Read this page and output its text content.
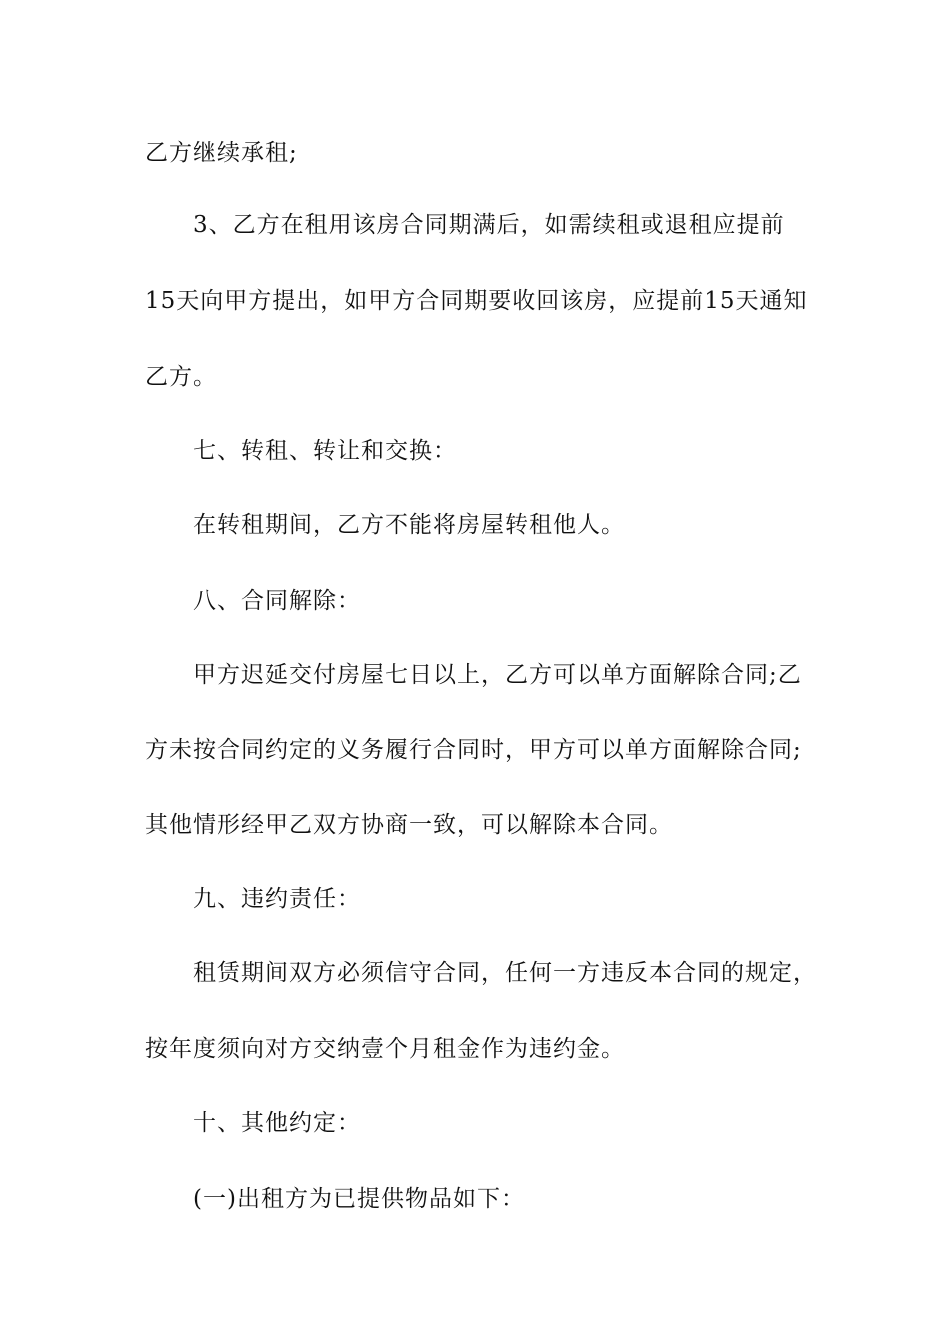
乙方继续承租;
3、乙方在租用该房合同期满后，如需续租或退租应提前
15天向甲方提出，如甲方合同期要收回该房，应提前15天通知
乙方。
七、转租、转让和交换：
在转租期间，乙方不能将房屋转租他人。
八、合同解除：
甲方迟延交付房屋七日以上，乙方可以单方面解除合同;乙
方未按合同约定的义务履行合同时，甲方可以单方面解除合同;
其他情形经甲乙双方协商一致，可以解除本合同。
九、违约责任：
租赁期间双方必须信守合同，任何一方违反本合同的规定，
按年度须向对方交纳壹个月租金作为违约金。
十、其他约定：
(一)出租方为已提供物品如下：
